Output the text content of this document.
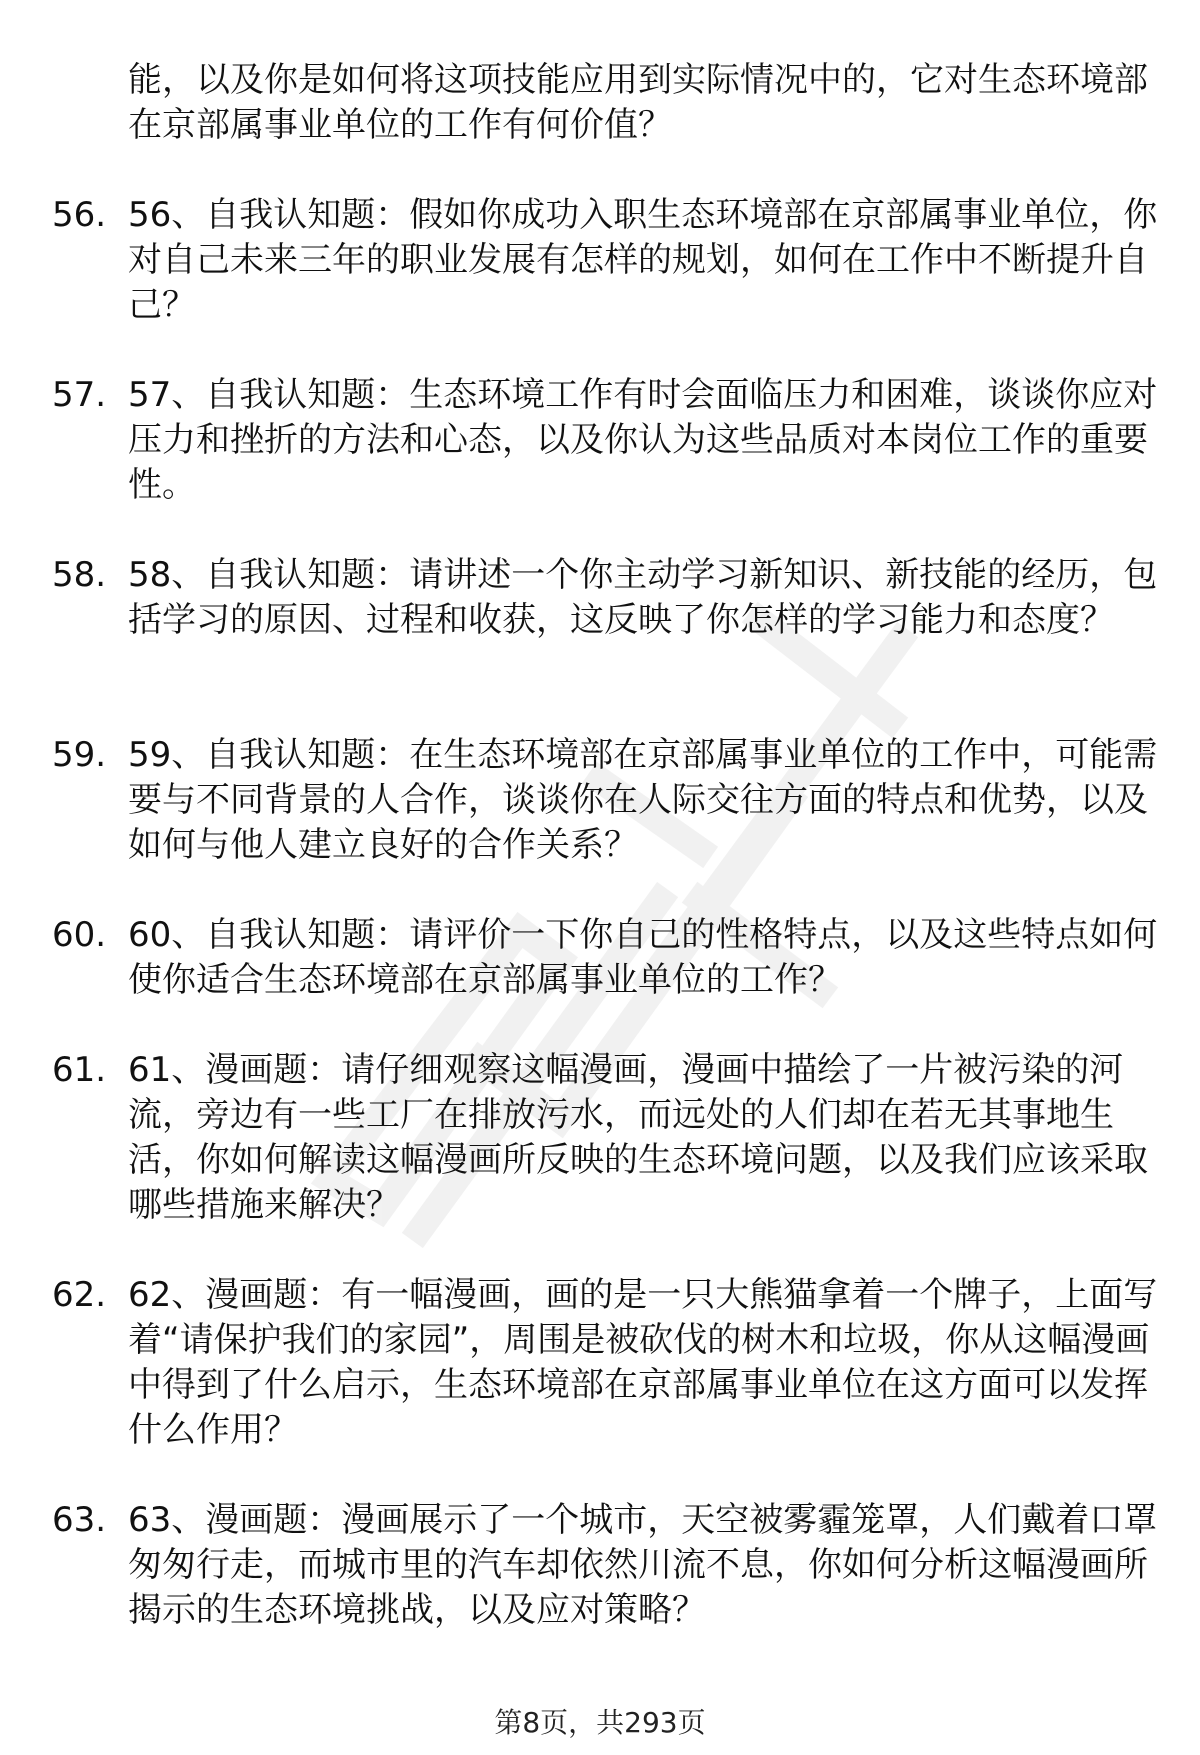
能，以及你是如何将这项技能应用到实际情况中的，它对生态环境部在京部属事业单位的工作有何价值？
56. 56、自我认知题：假如你成功入职生态环境部在京部属事业单位，你对自己未来三年的职业发展有怎样的规划，如何在工作中不断提升自己？
57. 57、自我认知题：生态环境工作有时会面临压力和困难，谈谈你应对压力和挫折的方法和心态，以及你认为这些品质对本岗位工作的重要性。
58. 58、自我认知题：请讲述一个你主动学习新知识、新技能的经历，包括学习的原因、过程和收获，这反映了你怎样的学习能力和态度？
59. 59、自我认知题：在生态环境部在京部属事业单位的工作中，可能需要与不同背景的人合作，谈谈你在人际交往方面的特点和优势，以及如何与他人建立良好的合作关系？
60. 60、自我认知题：请评价一下你自己的性格特点，以及这些特点如何使你适合生态环境部在京部属事业单位的工作？
61. 61、漫画题：请仔细观察这幅漫画，漫画中描绘了一片被污染的河流，旁边有一些工厂在排放污水，而远处的人们却在若无其事地生活，你如何解读这幅漫画所反映的生态环境问题，以及我们应该采取哪些措施来解决？
62. 62、漫画题：有一幅漫画，画的是一只大熊猫拿着一个牌子，上面写着“请保护我们的家园”，周围是被砍伐的树木和垃圾，你从这幅漫画中得到了什么启示，生态环境部在京部属事业单位在这方面可以发挥什么作用？
63. 63、漫画题：漫画展示了一个城市，天空被雾霾笼罩，人们戴着口罩匆匆行走，而城市里的汽车却依然川流不息，你如何分析这幅漫画所揭示的生态环境挑战，以及应对策略？
第8页，共293页
